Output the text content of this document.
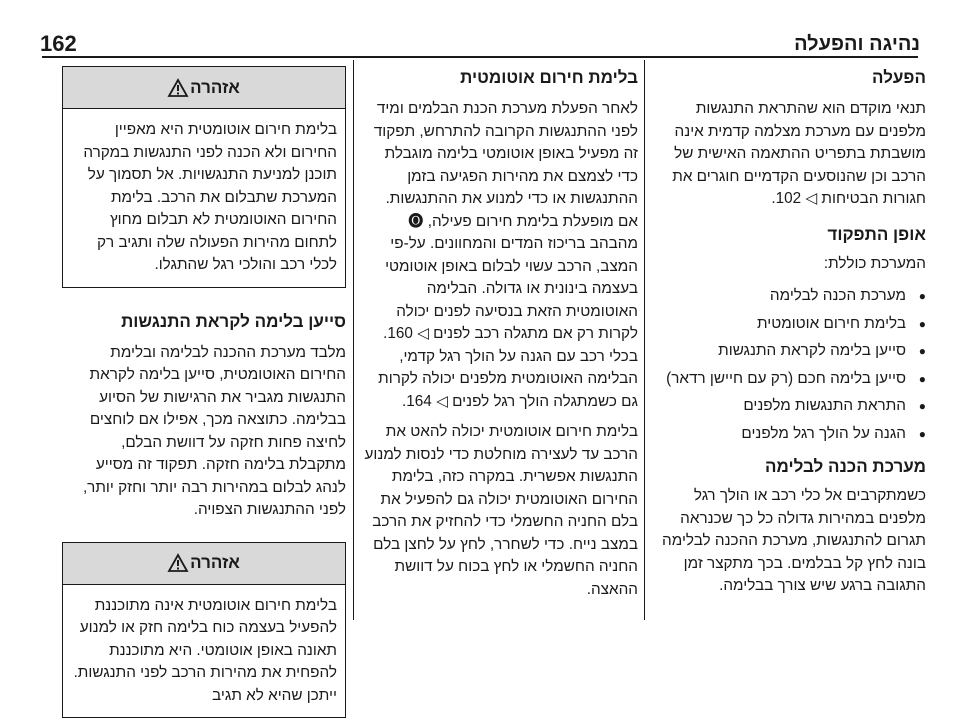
נהיגה והפעלה
162
הפעלה

תנאי מוקדם הוא שהתראת התנגשות מלפנים עם מערכת מצלמה קדמית אינה מושבתת בתפריט ההתאמה האישית של הרכב וכן שהנוסעים הקדמיים חוגרים את חגורות הבטיחות ◁ 102.

אופן התפקוד

המערכת כוללת:

● מערכת הכנה לבלימה
● בלימת חירום אוטומטית
● סייען בלימה לקראת התנגשות
● סייען בלימה חכם (רק עם חיישן רדאר)
● התראת התנגשות מלפנים
● הגנה על הולך רגל מלפנים
מערכת הכנה לבלימה

כשמתקרבים אל כלי רכב או הולך רגל מלפנים במהירות גדולה כל כך שכנראה תגרום להתנגשות, מערכת ההכנה לבלימה בונה לחץ קל בבלמים. בכך מתקצר זמן התגובה ברגע שיש צורך בבלימה.

בלימת חירום אוטומטית

לאחר הפעלת מערכת הכנת הבלמים ומיד לפני ההתנגשות הקרובה להתרחש, תפקוד זה מפעיל באופן אוטומטי בלימה מוגבלת כדי לצמצם את מהירות הפגיעה בזמן ההתנגשות או כדי למנוע את ההתנגשות. אם מופעלת בלימת חירום פעילה, 🅞 מהבהב בריכוז המדים והמחוונים. על-פי המצב, הרכב עשוי לבלום באופן אוטומטי בעצמה בינונית או גדולה. הבלימה האוטומטית הזאת בנסיעה לפנים יכולה לקרות רק אם מתגלה רכב לפנים ◁ 160. בכלי רכב עם הגנה על הולך רגל קדמי, הבלימה האוטומטית מלפנים יכולה לקרות גם כשמתגלה הולך רגל לפנים ◁ 164.

בלימת חירום אוטומטית יכולה להאט את הרכב עד לעצירה מוחלטת כדי לנסות למנוע התנגשות אפשרית. במקרה כזה, בלימת החירום האוטומטית יכולה גם להפעיל את בלם החניה החשמלי כדי להחזיק את הרכב במצב נייח. כדי לשחרר, לחץ על לחצן בלם החניה החשמלי או לחץ בכוח על דוושת ההאצה.

אזהרה

בלימת חירום אוטומטית היא מאפיין החירום ולא הכנה לפני התנגשות במקרה תוכנן למניעת התנגשויות. אל תסמוך על המערכת שתבלום את הרכב. בלימת החירום האוטומטית לא תבלום מחוץ לתחום מהירות הפעולה שלה ותגיב רק לכלי רכב והולכי רגל שהתגלו.

סייען בלימה לקראת התנגשות

מלבד מערכת ההכנה לבלימה ובלימת החירום האוטומטית, סייען בלימה לקראת התנגשות מגביר את הרגישות של הסיוע בבלימה. כתוצאה מכך, אפילו אם לוחצים לחיצה פחות חזקה על דוושת הבלם, מתקבלת בלימה חזקה. תפקוד זה מסייע לנהג לבלום במהירות רבה יותר וחזק יותר, לפני ההתנגשות הצפויה.

אזהרה

בלימת חירום אוטומטית אינה מתוכננת להפעיל בעצמה כוח בלימה חזק או למנוע תאונה באופן אוטומטי. היא מתוכננת להפחית את מהירות הרכב לפני התנגשות. ייתכן שהיא לא תגיב
